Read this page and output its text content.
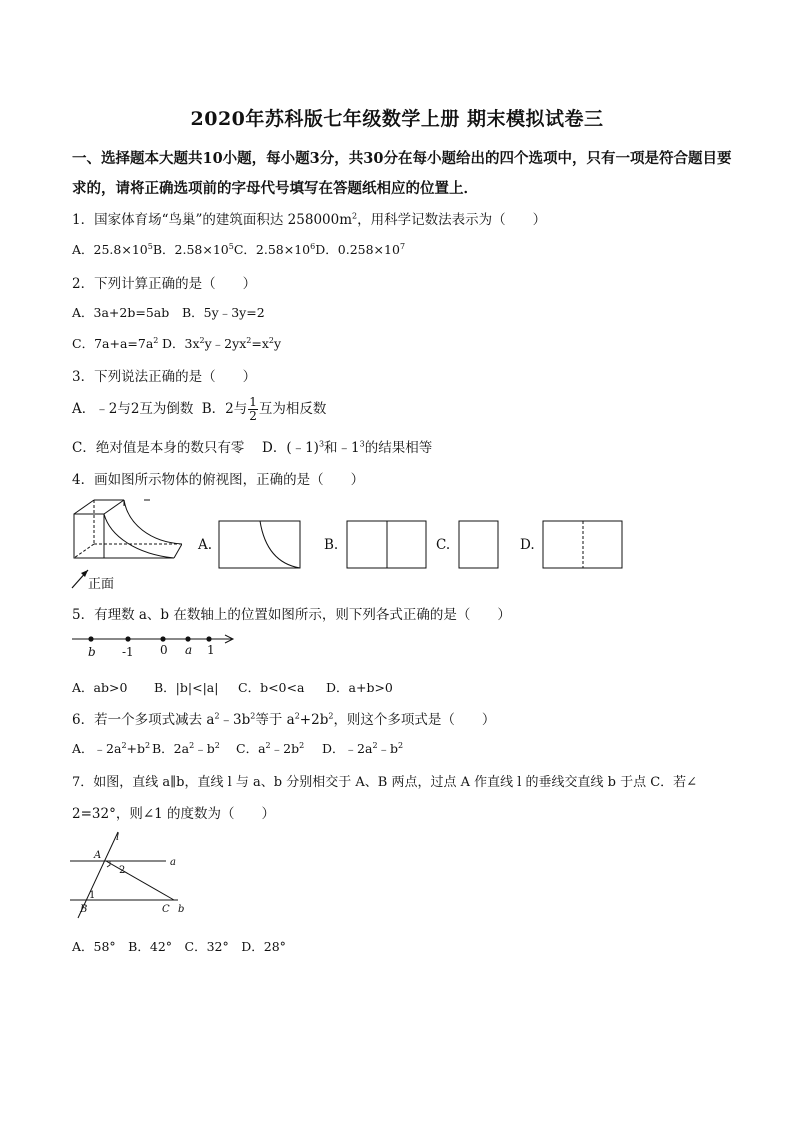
2020年苏科版七年级数学上册 期末模拟试卷三
一、选择题本大题共10小题，每小题3分，共30分在每小题给出的四个选项中，只有一项是符合题目要
求的，请将正确选项前的字母代号填写在答题纸相应的位置上．
1．国家体育场“鸟巢”的建筑面积达 $258000m^2$，用科学记数法表示为（　　）
A．$25.8\times 10^5B$．$2.58\times 10^5C$．$2.58\times 10^6D$．$0.258\times 10^7$
2．下列计算正确的是（　　）
A．3a+2b=5ab B．5y﹣3y=2
C．$7a+a=7a^2$ D．$3x^2y﹣2yx^2=x^2y$
3．下列说法正确的是（　　）
A．﹣2与2互为倒数 B．2与 $\frac{1}{2}$ 互为相反数
C．绝对值是本身的数只有零 D．(﹣1)$^3$和$﹣1^3$的结果相等
4．画如图所示物体的俯视图，正确的是（　　）
正面
A.	B.	C.	D.
5．有理数 a、b 在数轴上的位置如图所示，则下列各式正确的是（　　）
b -1 0 a 1
A．ab>0 B．|b|<|a| C．b<0<a D．a+b>0
6．若一个多项式减去 $a^2﹣3b^2$等于 $a^2+2b^2$，则这个多项式是（　　）
A．$﹣2a^2+b^2$ B．$2a^2﹣b^2$ C．$a^2﹣2b^2$ D．$﹣2a^2﹣b^2$
7．如图，直线 a∥b，直线 l 与 a、b 分别相交于 A、B 两点，过点 A 作直线 l 的垂线交直线 b 于点 C．若∠
2=32°，则∠1 的度数为（　　）
l
A
2
a
1
B	C b
A．58°　B．42°　C．32°　D．28°
